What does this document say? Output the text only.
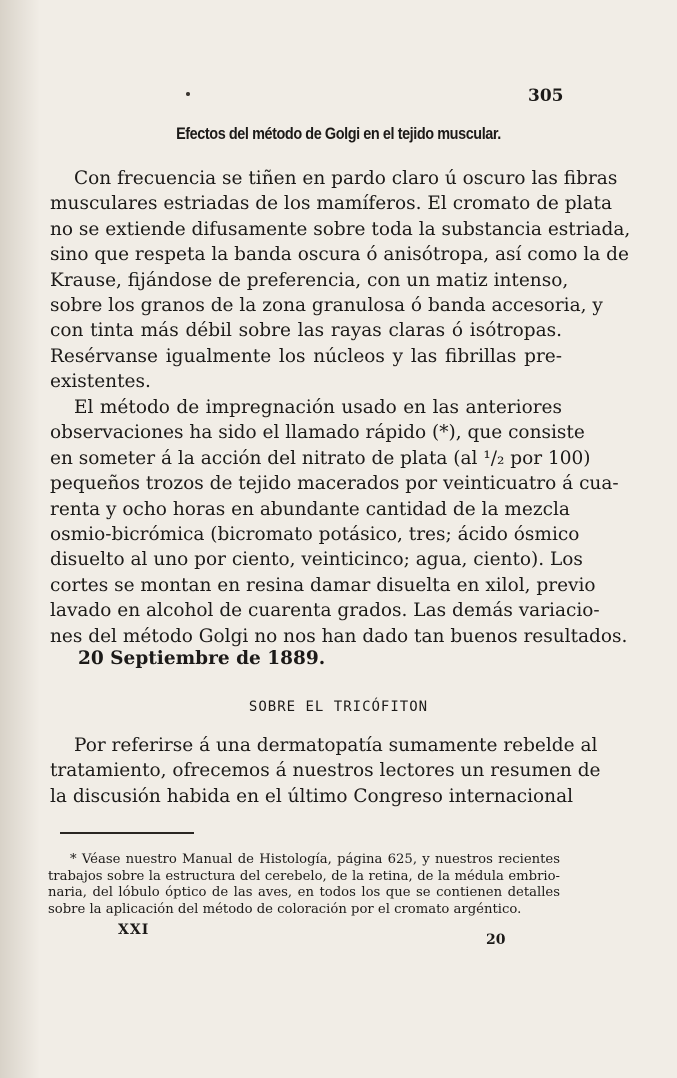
305
Efectos del método de Golgi en el tejido muscular.
Con frecuencia se tiñen en pardo claro ú oscuro las fibras
musculares estriadas de los mamíferos. El cromato de plata
no se extiende difusamente sobre toda la substancia estriada,
sino que respeta la banda oscura ó anisótropa, así como la de
Krause, fijándose de preferencia, con un matiz intenso,
sobre los granos de la zona granulosa ó banda accesoria, y
con tinta más débil sobre las rayas claras ó isótropas.
Resérvanse igualmente los núcleos y las fibrillas pre-
existentes.
El método de impregnación usado en las anteriores
observaciones ha sido el llamado rápido (*), que consiste
en someter á la acción del nitrato de plata (al ¹/₂ por 100)
pequeños trozos de tejido macerados por veinticuatro á cua-
renta y ocho horas en abundante cantidad de la mezcla
osmio-bicrómica (bicromato potásico, tres; ácido ósmico
disuelto al uno por ciento, veinticinco; agua, ciento). Los
cortes se montan en resina damar disuelta en xilol, previo
lavado en alcohol de cuarenta grados. Las demás variacio-
nes del método Golgi no nos han dado tan buenos resultados.
20 Septiembre de 1889.
SOBRE EL TRICÓFITON
Por referirse á una dermatopatía sumamente rebelde al
tratamiento, ofrecemos á nuestros lectores un resumen de
la discusión habida en el último Congreso internacional
* Véase nuestro Manual de Histología, página 625, y nuestros recientes
trabajos sobre la estructura del cerebelo, de la retina, de la médula embrio-
naria, del lóbulo óptico de las aves, en todos los que se contienen detalles
sobre la aplicación del método de coloración por el cromato argéntico.
XXI
20
